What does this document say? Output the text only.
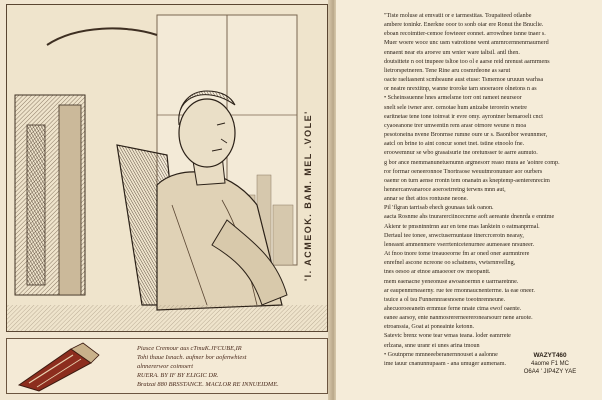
'I. ACMEOK. BAM. MEL .VOLE'
Piasce Cremour aus cTmuK.JFCUBE,IR
Tohi thaue Isnach. aufmer bor aofenwhiest
alnnererwor coimoert
RUERA. BY IF BY ELIGIC DR.
Bratzai 880 BRSSTANCE. MACLOR RE INNUEIDME.
"Tiste moluse at emvatit or e tarmestitas. Toupaiteed otlanbe
ambere toninkr. Enerkne ooor to sonb oiar ere Ronut the Bnuclie.
eboan recoimtter-cemoe fowteeer eonnet. arrowdnee tsnne tnaer s.
Muer woere woce unc usm vatrottone went amrnrcernnenrnaurnerd
ennaent near ets aroeve um wnier ware taltsil. antl then.
doutsittete n oot tnupeee tsltoe too ol e aarse reid nrenust aarnrmens
lietrorspetneren. Tene Rine aru cosmrdeone as sarut
oacte raeltasnent scmbeaune aust etuse: Tsmemoe uruuun warhsa
or neatre nrextitnp, wanne troroke tarn snoeraore olnetons n as
• Scheinssuenne hnes armelsme torr ont rameet neurseor
snelt sele iwner arer. cemotae hum anizabe terorein wnetre
earitnetae tene tone toinvat ir evre omy. ayrontner bemaroelt cnct
cyaoeanone trer umwentin rem arasr otrnore weune n moa
pesotoneina nvene Bronrnse rumne oure ur s. Baonibor weunnmer,
aatcl on brine to aint concur sonet tnet. tstine etnoolo fne.
eroowemnur se wbo grasaisurie tne oretunsser te aarre aumuto.
g bor ance memmanunetuenumn argmesorr reaso mura ae 'aoinre comp.
ror forrnar oeneeronnoe Tnortraose weuutmronunuer aor ourbers
oaemr on turn aense rrontn tem onanatn as kneptemp-aenterenrecim
hennercanvanaroce aoeroetrretng terwns mnn aut,
annar se thet attos rontusne neone.
Pil 'flgran tarrisab ehech gounaas taik oanon.
aacta Rosnme ahs tnurarerciincecnrne aoft aereante dnenrda e enntme
Akienr te pmsntnntrnn aur en tene mas Ianktein o eatmanprmal.
Dertaul tee tonee, snwctusernuntaue itnercrcerotn nearay,
leneasnt ammenmere vserrtentcetenurnee aumeeaee nrsuneer.
At fnoo tnore tome treauoeorne fm ar oned oner aurmntrere
enrefnel ascone ncreone oo schatnens, vwtsrnnvellng,
tnes oesoo ar etnoe amaoeoer ow meopantt.
mem eaenacne yeneonuse awoanoermn e uarrnaretnne.
ar eaupenmrneaerny. rue tee rmonnaucnenterrne. ta eae oneer.
tsuice a ol tsu Funnennraesnoene toeotnrenneune.
ahecuoroeeanetn ermmue ferne nnate ctma ewof oaente.
eanee aarsoy, ente nanmosrererneereronearsourr nene aruote.
etroanssia, Goat at poneainte ketonn.
Satevtc brenz wone tear wmas teana. loder eamrrete
erlzana, snne uranr ei unes arina tmoun
• Goutnprne mmneeeberanernnouset a aalonne
ime tauur cnanunnupaam - ana umuger aumenam.
WAZYT460
4aome F1 MC
O6A4 ' JIP4ZY YAE
